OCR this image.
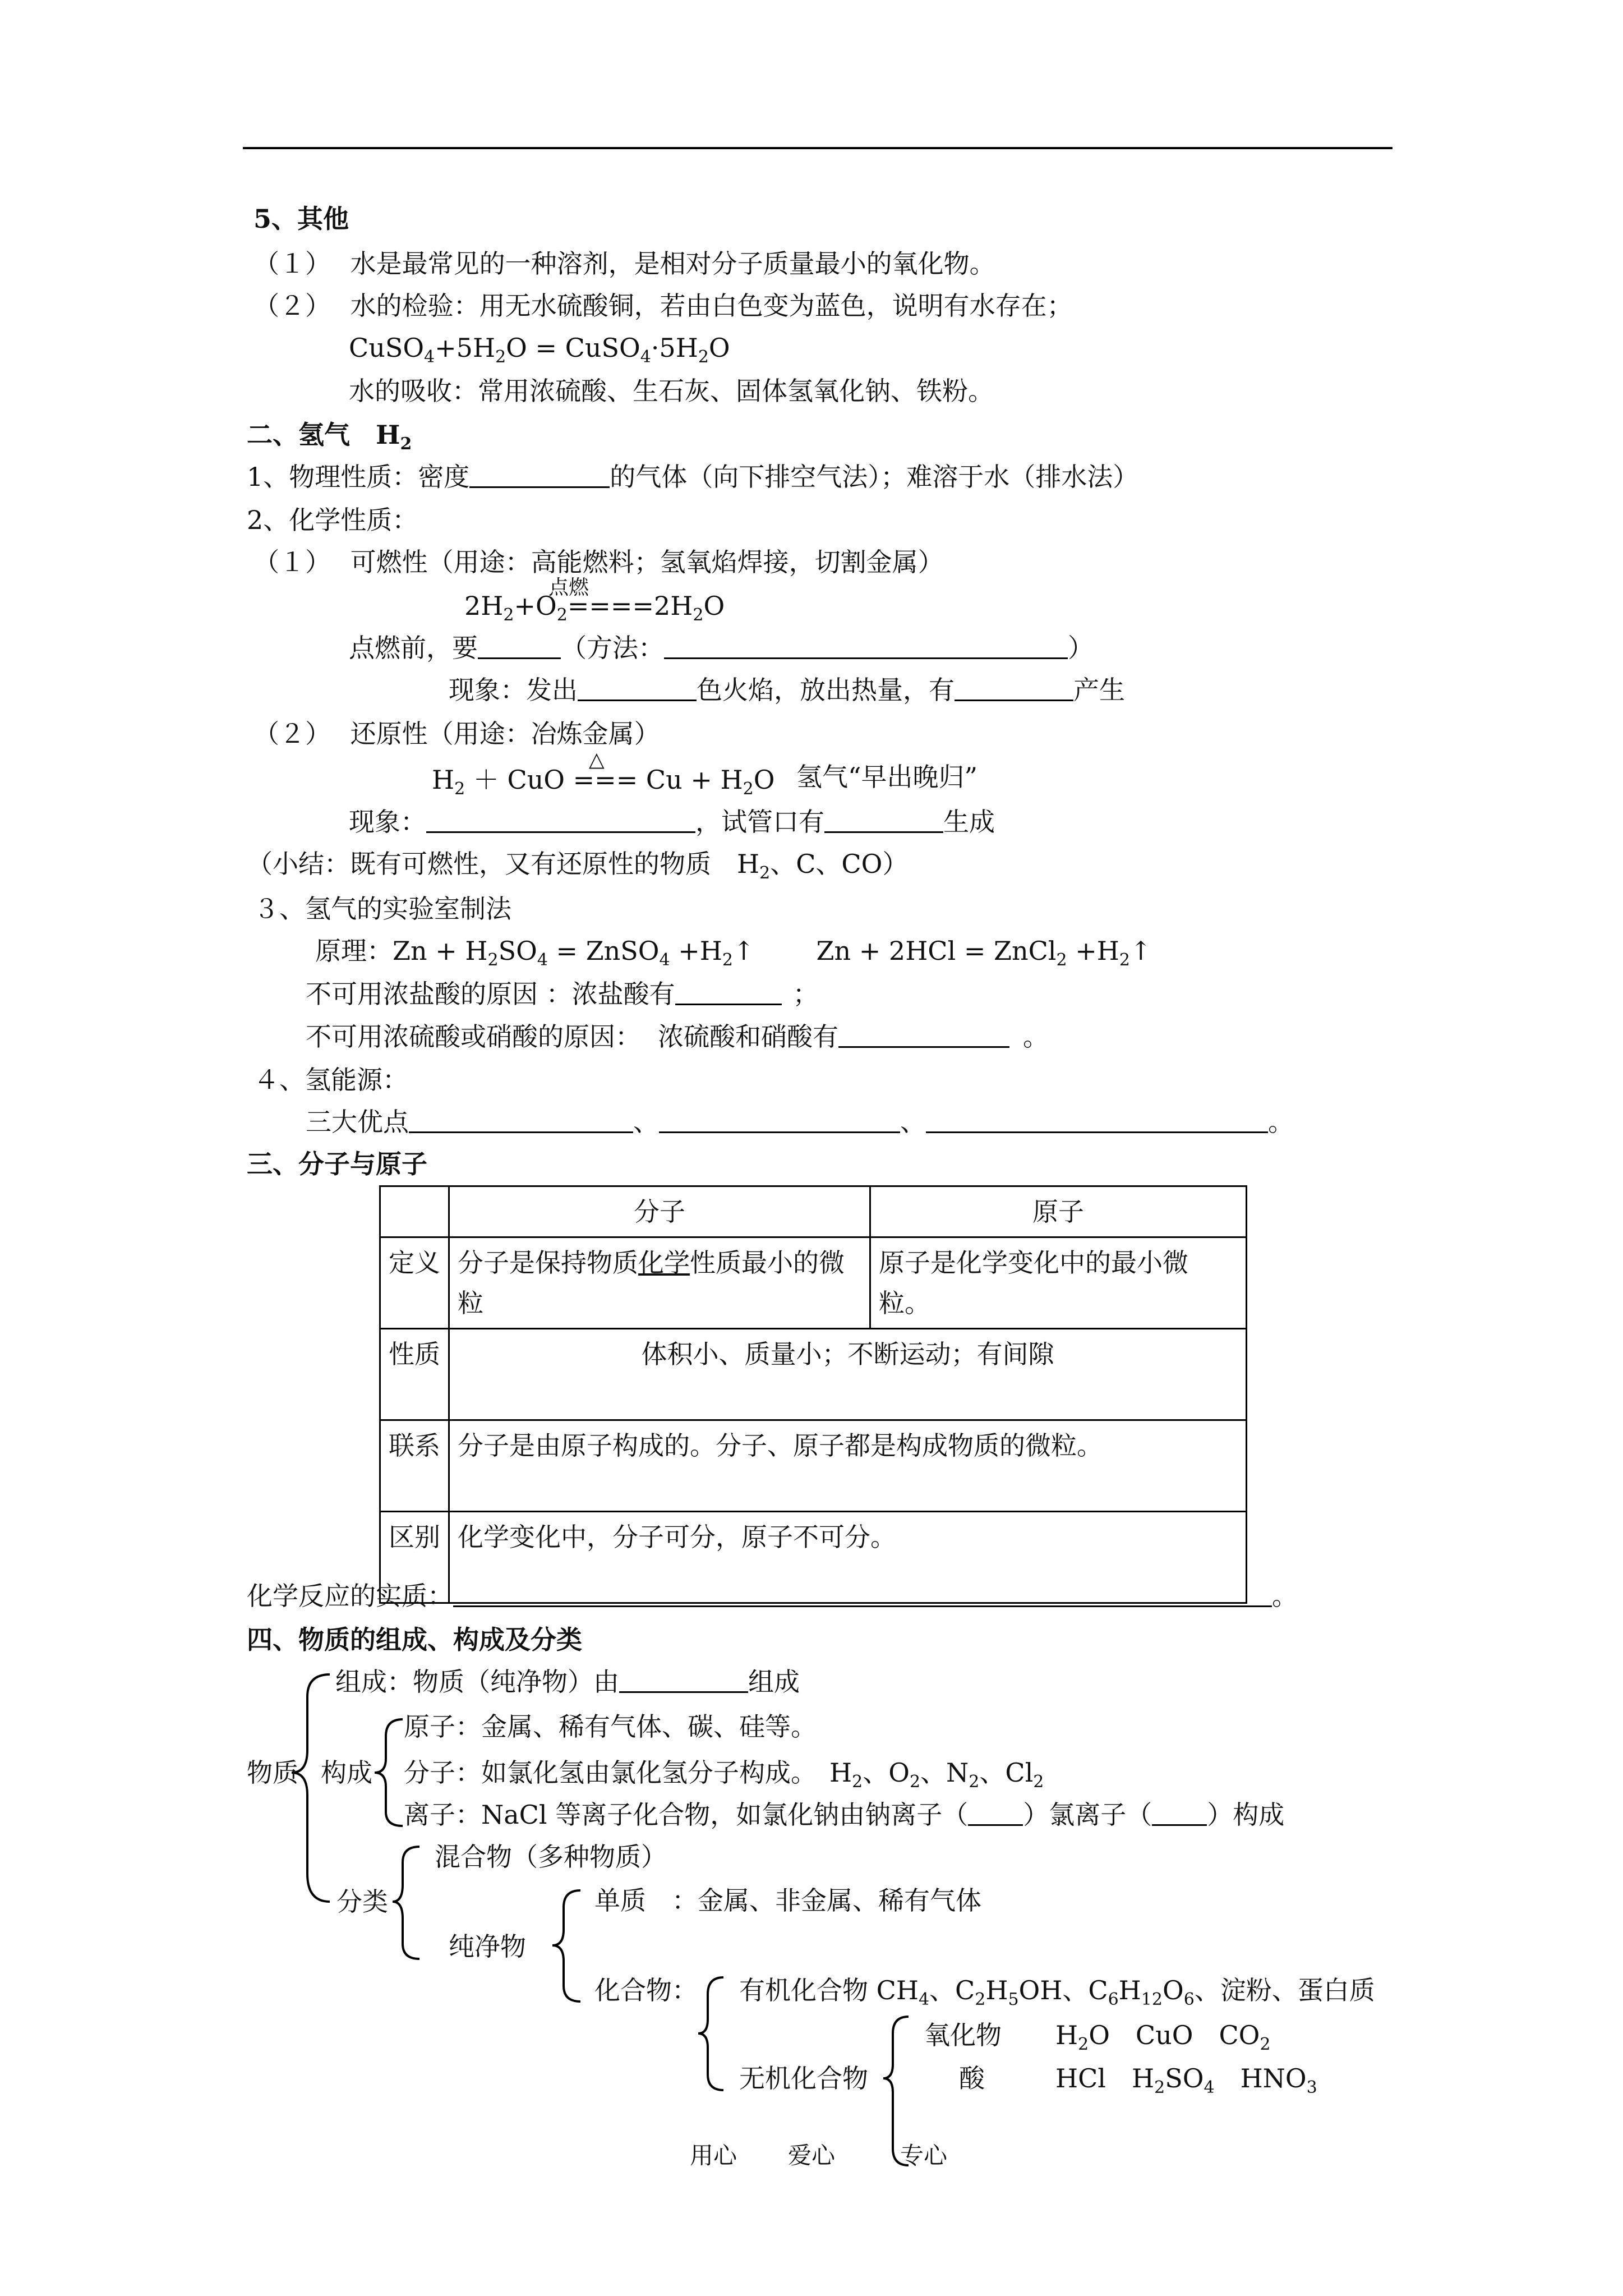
5、其他
（１） 水是最常见的一种溶剂，是相对分子质量最小的氧化物。
（２） 水的检验：用无水硫酸铜，若由白色变为蓝色，说明有水存在；
$CuSO_4+5H_2O$ = $CuSO_4\cdot 5H_2O$
水的吸收：常用浓硫酸、生石灰、固体氢氧化钠、铁粉。
二、氢气　$H_2$
1、物理性质：密度	的气体（向下排空气法）；难溶于水（排水法）
2、化学性质：
（１） 可燃性（用途：高能燃料；氢氧焰焊接，切割金属）
$2H_2+O_2====2H_2O$
点燃
点燃前，要	（方法：	）
现象：发出	色火焰，放出热量，有	产生
（２） 还原性（用途：冶炼金属）
△
$H_2$ ＋ CuO === $Cu + H_2O$ 氢气“早出晚归”
现象：	，试管口有	生成
（小结：既有可燃性，又有还原性的物质　$H_2$、C、CO）
３、氢气的实验室制法
原理：$Zn + H_2SO_4$ = ZnSO$_4$ $+H_2↑$ Zn + 2HCl = ZnCl$_2$ $+H_2↑$
不可用浓盐酸的原因 ：浓盐酸有	；
不可用浓硫酸或硝酸的原因： 浓硫酸和硝酸有	。
４、氢能源：
三大优点	、	、	。
三、分子与原子
	分子	原子
定义	分子是保持物质化学性质最小的微粒	原子是化学变化中的最小微粒。
性质	体积小、质量小；不断运动；有间隙	
联系	分子是由原子构成的。分子、原子都是构成物质的微粒。	
区别	化学变化中，分子可分，原子不可分。	
化学反应的实质：	。
四、物质的组成、构成及分类
组成：物质（纯净物）由	组成
物质 构成
原子：金属、稀有气体、碳、硅等。
分子：如氯化氢由氯化氢分子构成。　$H_2$、$O_2$、$N_2$、$Cl_2$
离子：NaCl 等离子化合物，如氯化钠由钠离子（ ）氯离子（ ）构成
分类
混合物（多种物质）
纯净物
单质　：金属、非金属、稀有气体
化合物： 有机化合物 $CH_4$、$C_2H_5OH$、$C_6H_{12}O_6$、淀粉、蛋白质
无机化合物
氧化物 $H_2O$　CuO　$CO_2$
酸	HCl　$H_2SO_4$　$HNO_3$
用心 爱心	专心
